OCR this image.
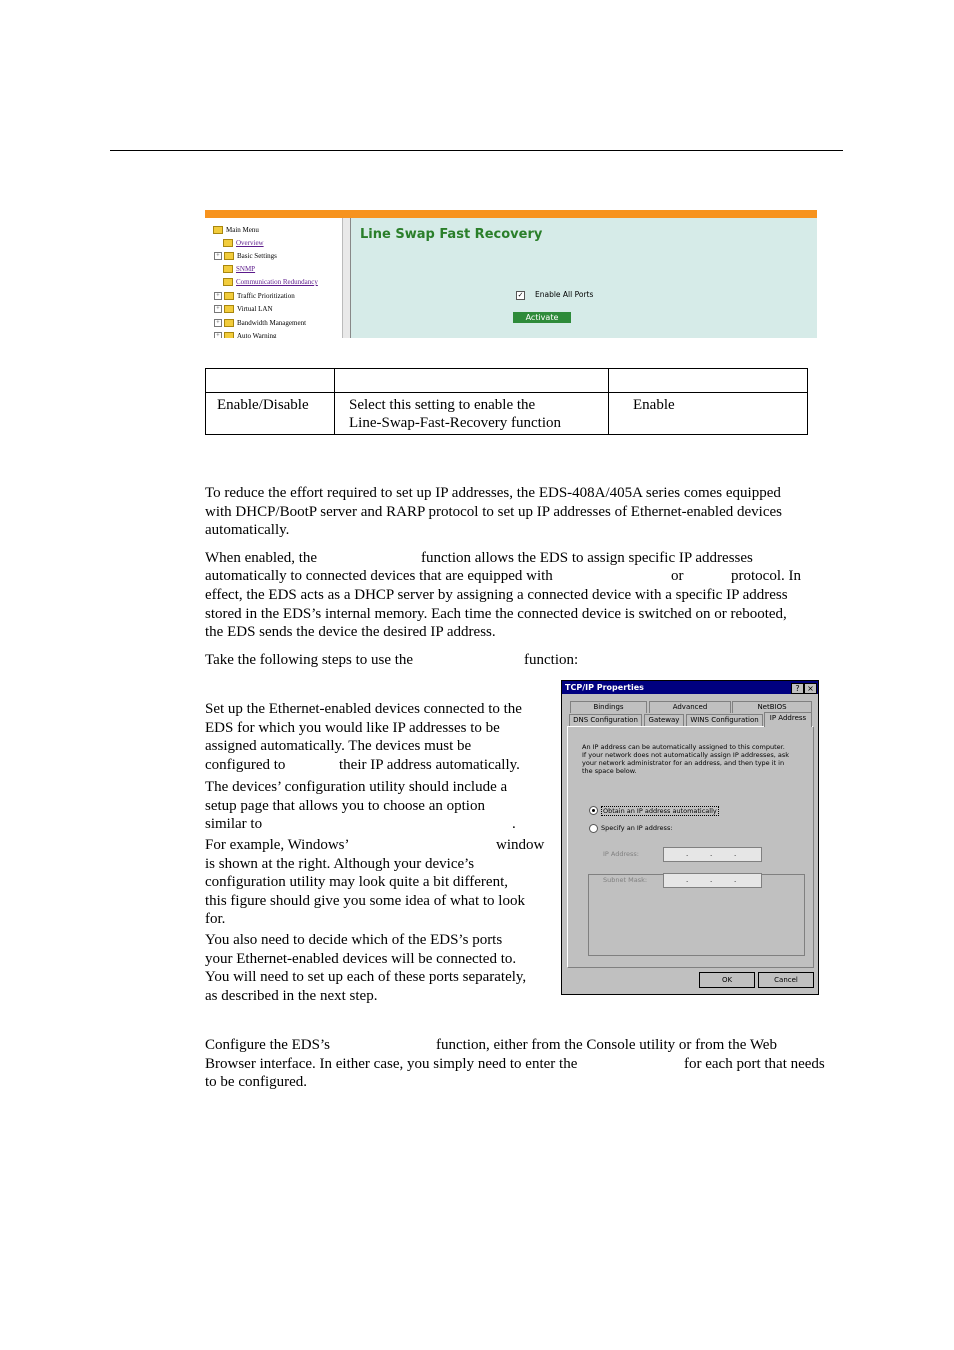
Main Menu
Overview
+ Basic Settings
SNMP
Communication Redundancy
+ Traffic Prioritization
+ Virtual LAN
+ Bandwidth Management
+ Auto Warning
Line Swap Fast Recovery
✓ Enable All Ports
Activate

Enable/Disable	Select this setting to enable the
Line-Swap-Fast-Recovery function	Enable
To reduce the effort required to set up IP addresses, the EDS-408A/405A series comes equipped
with DHCP/BootP server and RARP protocol to set up IP addresses of Ethernet-enabled devices
automatically.
When enabled, the	function allows the EDS to assign specific IP addresses
automatically to connected devices that are equipped with	or	protocol. In
effect, the EDS acts as a DHCP server by assigning a connected device with a specific IP address
stored in the EDS’s internal memory. Each time the connected device is switched on or rebooted,
the EDS sends the device the desired IP address.
Take the following steps to use the	function:
Set up the Ethernet-enabled devices connected to the
EDS for which you would like IP addresses to be
assigned automatically. The devices must be
configured to	their IP address automatically.
The devices’ configuration utility should include a
setup page that allows you to choose an option
similar to	.
For example, Windows’	window
is shown at the right. Although your device’s
configuration utility may look quite a bit different,
this figure should give you some idea of what to look
for.
You also need to decide which of the EDS’s ports
your Ethernet-enabled devices will be connected to.
You will need to set up each of these ports separately,
as described in the next step.
Configure the EDS’s	function, either from the Console utility or from the Web
Browser interface. In either case, you simply need to enter the	for each port that needs
to be configured.
TCP/IP Properties	? ×
Bindings	Advanced	NetBIOS
DNS Configuration	Gateway	WINS Configuration	IP Address
An IP address can be automatically assigned to this computer.
If your network does not automatically assign IP addresses, ask
your network administrator for an address, and then type it in
the space below.
Obtain an IP address automatically
Specify an IP address:
IP Address:	.	.	.
Subnet Mask:	.	.	.
OK	Cancel
